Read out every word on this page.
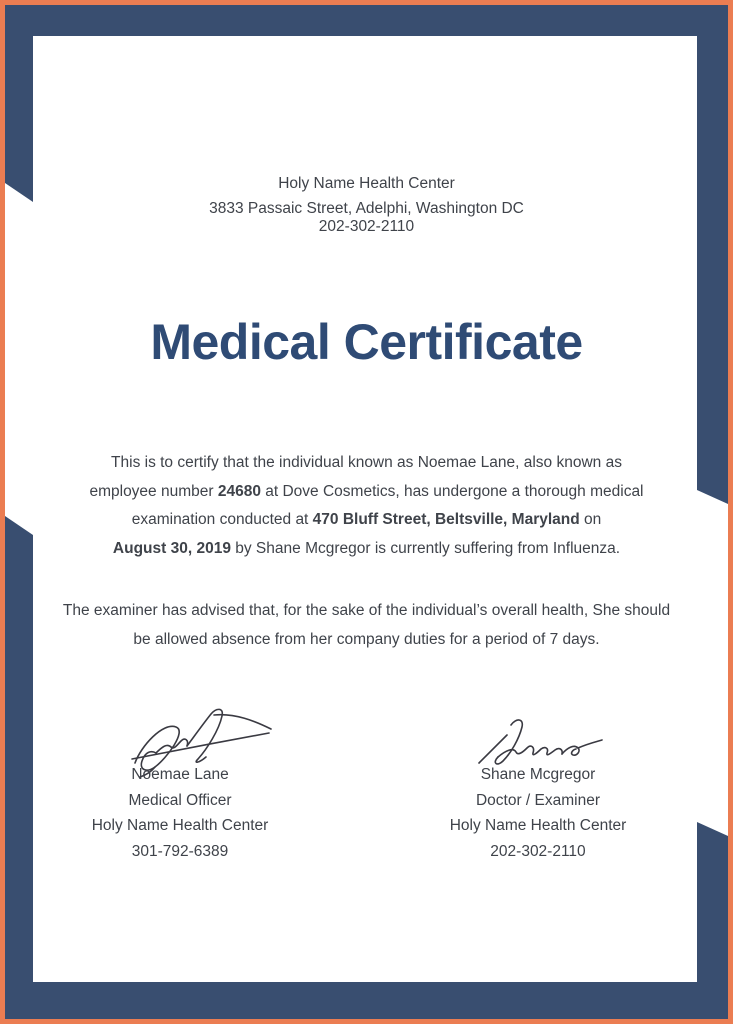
Holy Name Health Center
3833 Passaic Street, Adelphi, Washington DC
202-302-2110
Medical Certificate
This is to certify that the individual known as Noemae Lane, also known as
employee number 24680 at Dove Cosmetics, has undergone a thorough medical
examination conducted at 470 Bluff Street, Beltsville, Maryland on
August 30, 2019 by Shane Mcgregor is currently suffering from Influenza.
The examiner has advised that, for the sake of the individual’s overall health, She should
be allowed absence from her company duties for a period of 7 days.
Noemae Lane
Medical Officer
Holy Name Health Center
301-792-6389
Shane Mcgregor
Doctor / Examiner
Holy Name Health Center
202-302-2110
